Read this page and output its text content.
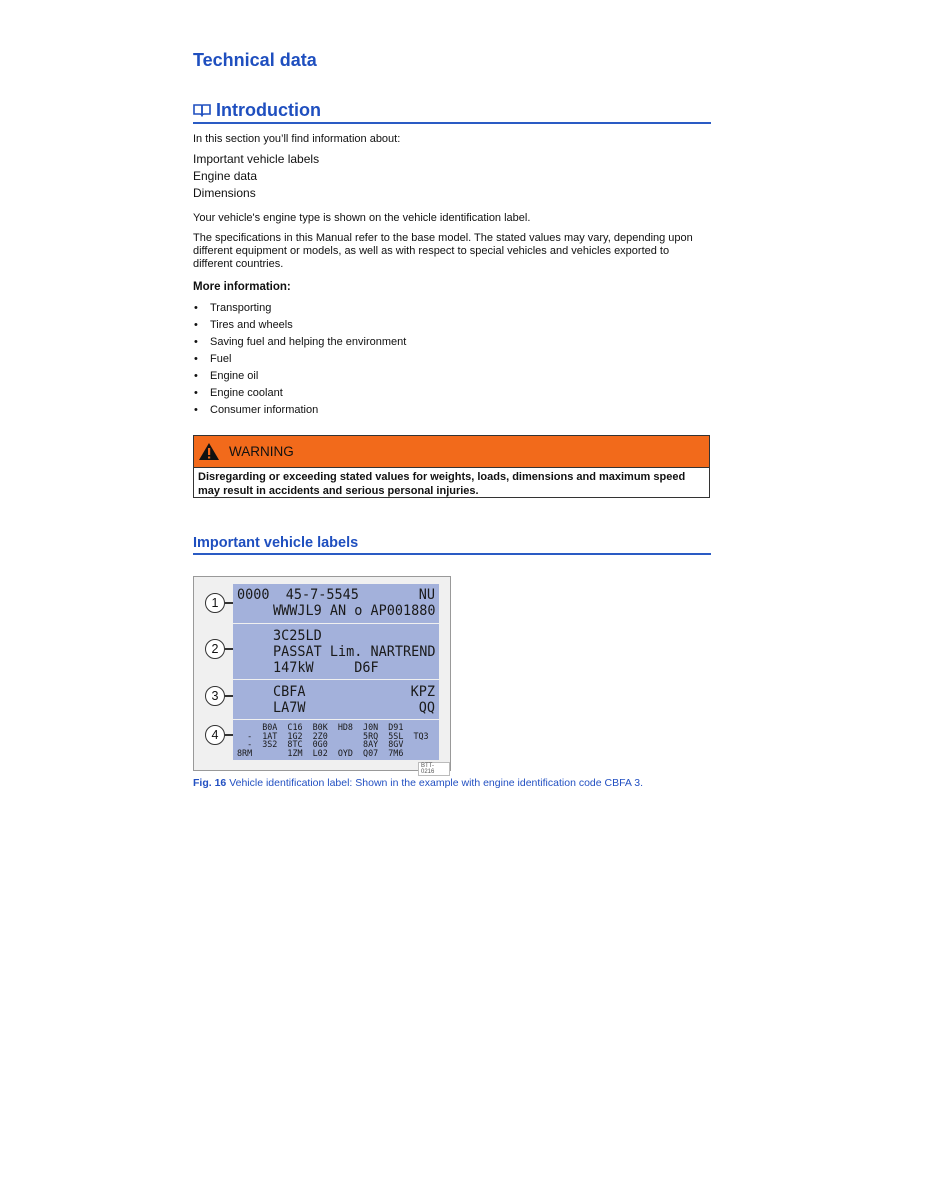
Technical data
Introduction

In this section you’ll find information about:

Important vehicle labels
Engine data
Dimensions

Your vehicle's engine type is shown on the vehicle identification label.

The specifications in this Manual refer to the base model. The stated values may vary, depending upon different equipment or models, as well as with respect to special vehicles and vehicles exported to different countries.

More information:

• Transporting
• Tires and wheels
• Saving fuel and helping the environment
• Fuel
• Engine oil
• Engine coolant
• Consumer information
WARNING
Disregarding or exceeding stated values for weights, loads, dimensions and maximum speed may result in accidents and serious personal injuries.
Important vehicle labels
0000  45-7-5545	NU
WWWJL9 AN o AP001880
3C25LD
PASSAT Lim. NAR TREND
147kW     D6F
CBFA	KPZ
LA7W	QQ
B0A  C16  B0K  HD8  J0N  D91
-  1AT  1G2  2Z0       5RQ  5SL  TQ3
-  3S2  8TC  0G0       8AY  8GV
8RM       1ZM  L02  OYD  Q07  7M6
1
2
3
4
BTT-0216

Fig. 16 Vehicle identification label: Shown in the example with engine identification code CBFA 3.
